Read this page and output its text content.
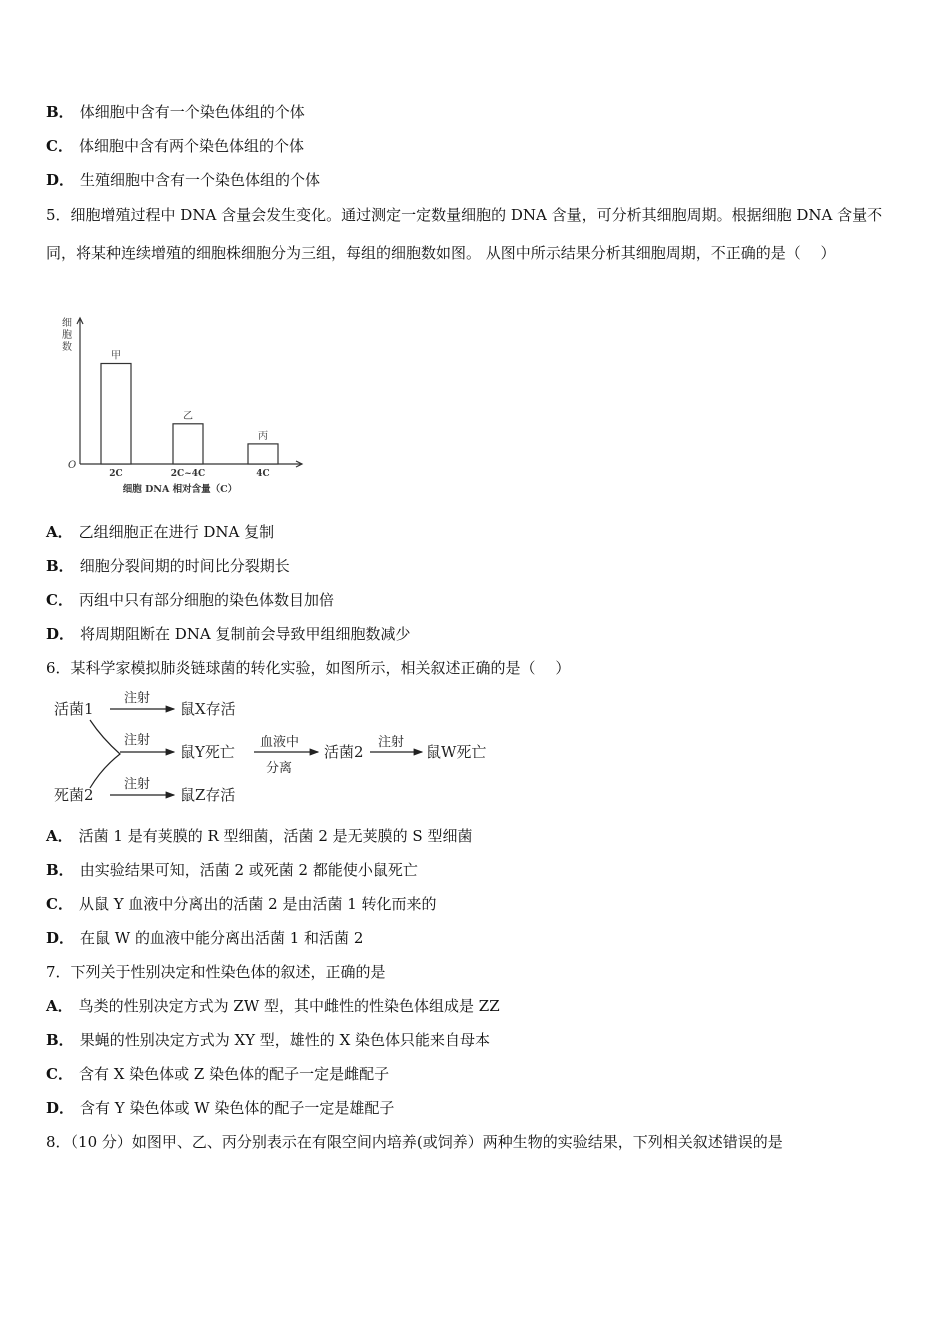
B． 体细胞中含有一个染色体组的个体
C． 体细胞中含有两个染色体组的个体
D． 生殖细胞中含有一个染色体组的个体
5．细胞增殖过程中 DNA 含量会发生变化。通过测定一定数量细胞的 DNA 含量，可分析其细胞周期。根据细胞 DNA 含量不同，将某种连续增殖的细胞株细胞分为三组，每组的细胞数如图。 从图中所示结果分析其细胞周期，不正确的是（　 ）
细
胞
数
O
甲
2C
乙
2C~4C
丙
4C
细胞 DNA 相对含量（C）
A． 乙组细胞正在进行 DNA 复制
B． 细胞分裂间期的时间比分裂期长
C． 丙组中只有部分细胞的染色体数目加倍
D． 将周期阻断在 DNA 复制前会导致甲组细胞数减少
6．某科学家模拟肺炎链球菌的转化实验，如图所示，相关叙述正确的是（　 ）
活菌1
注射
鼠X存活
注射
鼠Y死亡
血液中
分离
活菌2
注射
鼠W死亡
死菌2
注射
鼠Z存活
A． 活菌 1 是有荚膜的 R 型细菌，活菌 2 是无荚膜的 S 型细菌
B． 由实验结果可知，活菌 2 或死菌 2 都能使小鼠死亡
C． 从鼠 Y 血液中分离出的活菌 2 是由活菌 1 转化而来的
D． 在鼠 W 的血液中能分离出活菌 1 和活菌 2
7．下列关于性别决定和性染色体的叙述，正确的是
A． 鸟类的性别决定方式为 ZW 型，其中雌性的性染色体组成是 ZZ
B． 果蝇的性别决定方式为 XY 型，雄性的 X 染色体只能来自母本
C． 含有 X 染色体或 Z 染色体的配子一定是雌配子
D． 含有 Y 染色体或 W 染色体的配子一定是雄配子
8．（10 分）如图甲、乙、丙分别表示在有限空间内培养(或饲养）两种生物的实验结果，下列相关叙述错误的是
